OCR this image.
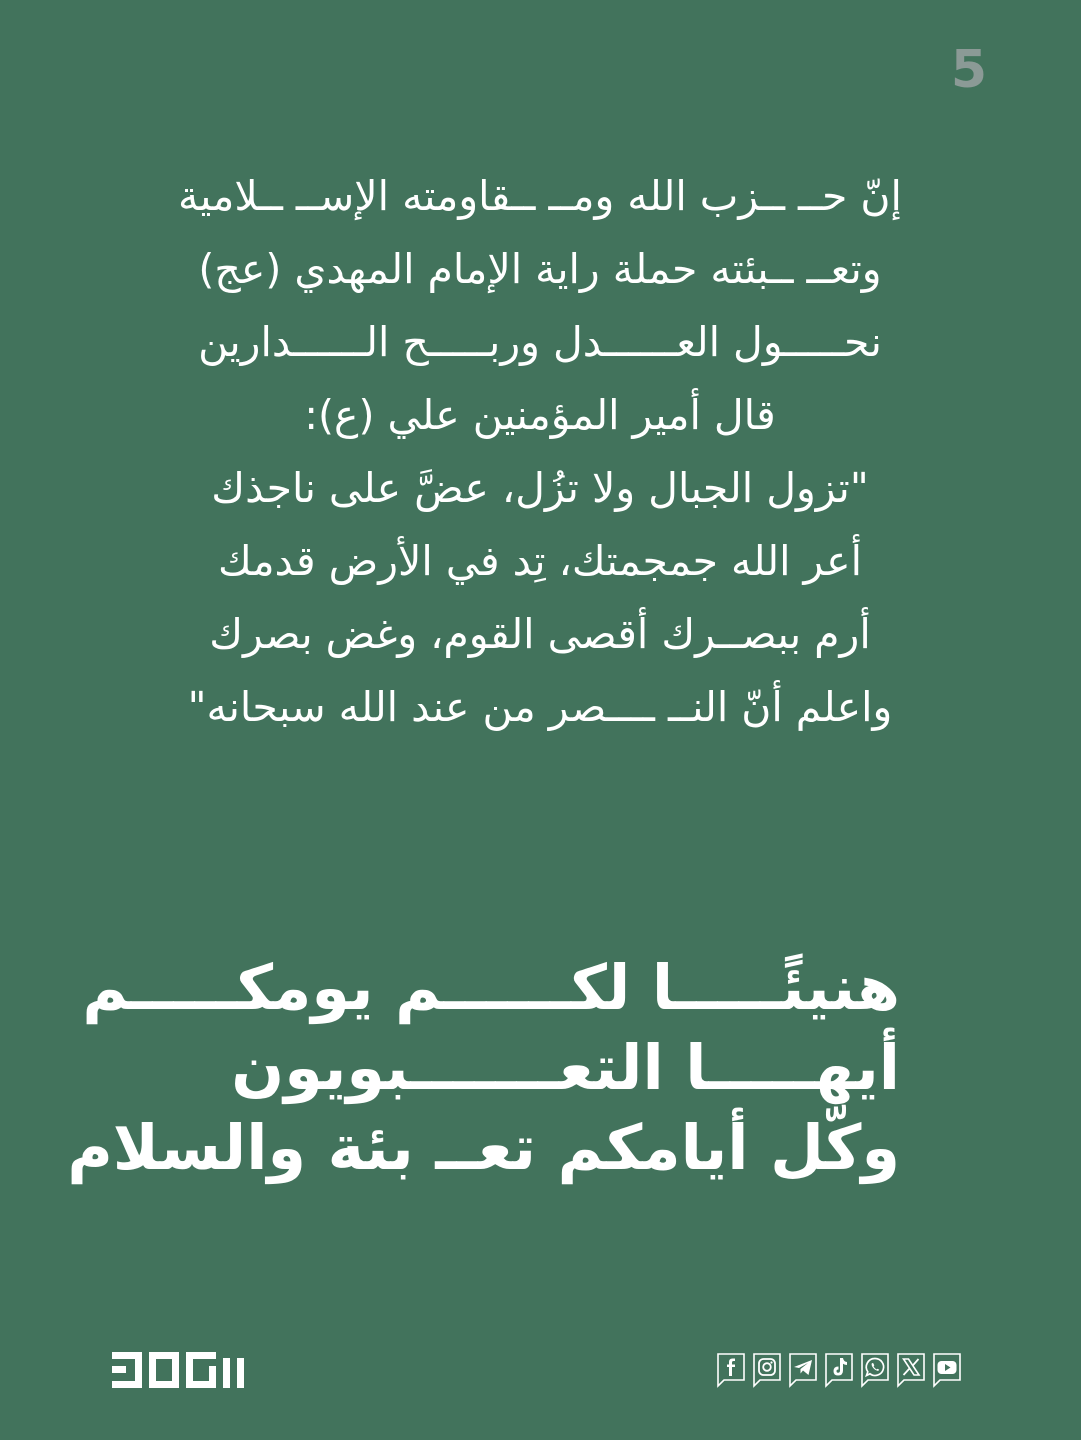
5
إنّ حــ ــزب الله ومــ ــقاومته الإســ ــلامية
وتعــ ــبئته حملة راية الإمام المهدي (عج)
نحـــــول العــــــدل وربـــــح الــــــدارين
قال أمير المؤمنين علي (ع):
"تزول الجبال ولا تزُل، عضَّ على ناجذك
أعر الله جمجمتك، تِد في الأرض قدمك
أرم ببصــرك أقصى القوم، وغض بصرك
واعلم أنّ النــ ــــصر من عند الله سبحانه"
هنيئًـــــا لكــــــم يومكـــــم
أيهـــــا التعـــــــبويون
وكّل أيامكم تعــ بئة والسلام
